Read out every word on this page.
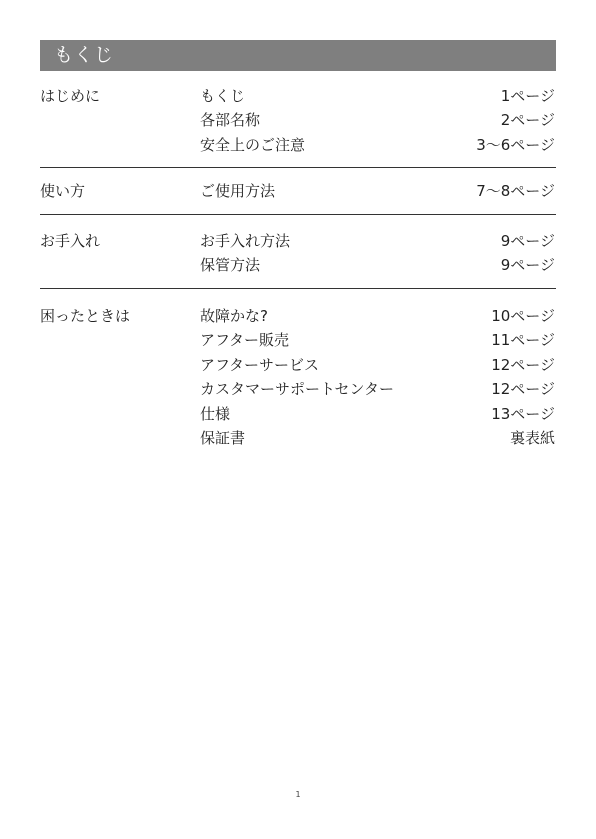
もくじ
はじめに	もくじ	1ページ
各部名称	2ページ
安全上のご注意	3〜6ページ
使い方	ご使用方法	7〜8ページ
お手入れ	お手入れ方法	9ページ
保管方法	9ページ
困ったときは	故障かな?	10ページ
アフター販売	11ページ
アフターサービス	12ページ
カスタマーサポートセンター	12ページ
仕様	13ページ
保証書	裏表紙
1
